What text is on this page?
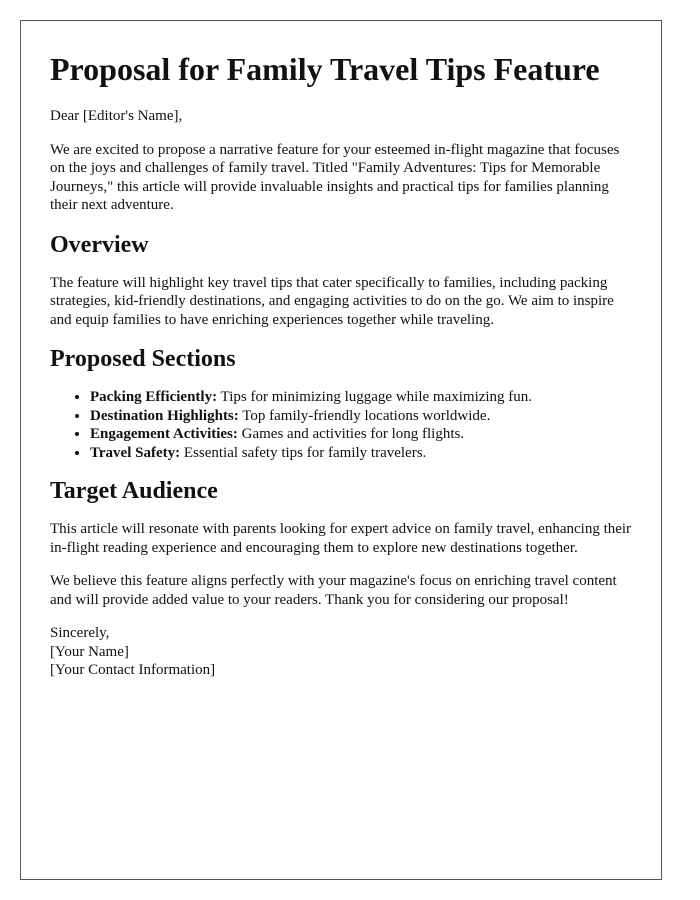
Proposal for Family Travel Tips Feature

Dear [Editor's Name],

We are excited to propose a narrative feature for your esteemed in-flight magazine that focuses on the joys and challenges of family travel. Titled "Family Adventures: Tips for Memorable Journeys," this article will provide invaluable insights and practical tips for families planning their next adventure.

Overview

The feature will highlight key travel tips that cater specifically to families, including packing strategies, kid-friendly destinations, and engaging activities to do on the go. We aim to inspire and equip families to have enriching experiences together while traveling.

Proposed Sections
• Packing Efficiently: Tips for minimizing luggage while maximizing fun.
• Destination Highlights: Top family-friendly locations worldwide.
• Engagement Activities: Games and activities for long flights.
• Travel Safety: Essential safety tips for family travelers.
Target Audience

This article will resonate with parents looking for expert advice on family travel, enhancing their in-flight reading experience and encouraging them to explore new destinations together.

We believe this feature aligns perfectly with your magazine's focus on enriching travel content and will provide added value to your readers. Thank you for considering our proposal!

Sincerely,
[Your Name]
[Your Contact Information]
